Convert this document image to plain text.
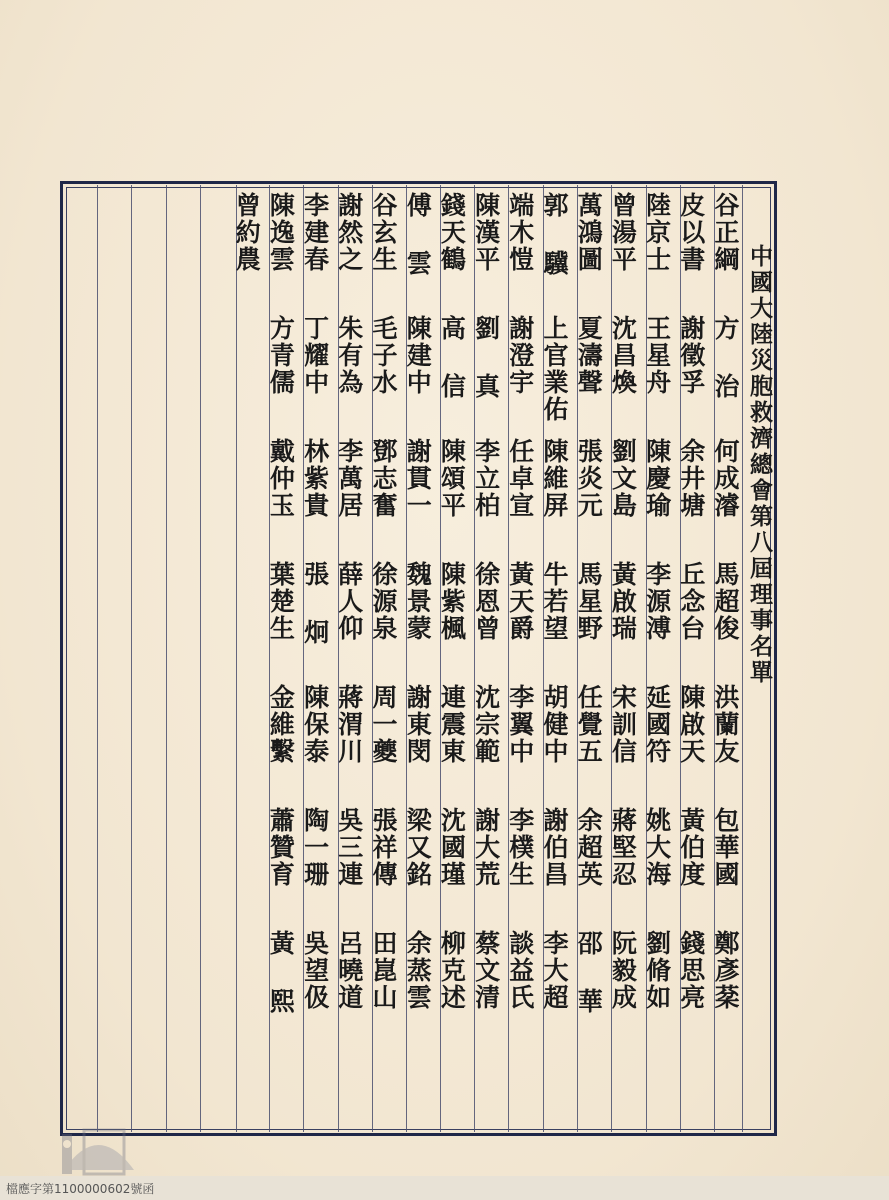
中國大陸災胞救濟總會第八屆理事名單
谷正綱
方 治
何成濬
馬超俊
洪蘭友
包華國
鄭彥棻
皮以書
謝徵孚
余井塘
丘念台
陳啟天
黃伯度
錢思亮
陸京士
王星舟
陳慶瑜
李源溥
延國符
姚大海
劉脩如
曾湯平
沈昌煥
劉文島
黃啟瑞
宋訓信
蔣堅忍
阮毅成
萬鴻圖
夏濤聲
張炎元
馬星野
任覺五
余超英
邵 華
郭 驥
上官業佑
陳維屏
牛若望
胡健中
謝伯昌
李大超
端木愷
謝澄宇
任卓宣
黃天爵
李翼中
李樸生
談益氏
陳漢平
劉 真
李立柏
徐恩曾
沈宗範
謝大荒
蔡文清
錢天鶴
高 信
陳頌平
陳紫楓
連震東
沈國瑾
柳克述
傅 雲
陳建中
謝貫一
魏景蒙
謝東閔
梁又銘
余蒸雲
谷玄生
毛子水
鄧志奮
徐源泉
周一夔
張祥傳
田崑山
謝然之
朱有為
李萬居
薛人仰
蔣渭川
吳三連
呂曉道
李建春
丁耀中
林紫貴
張 炯
陳保泰
陶一珊
吳望伋
陳逸雲
方青儒
戴仲玉
葉楚生
金維繫
蕭贊育
黃 熙
曾約農
檔應字第1100000602號函
